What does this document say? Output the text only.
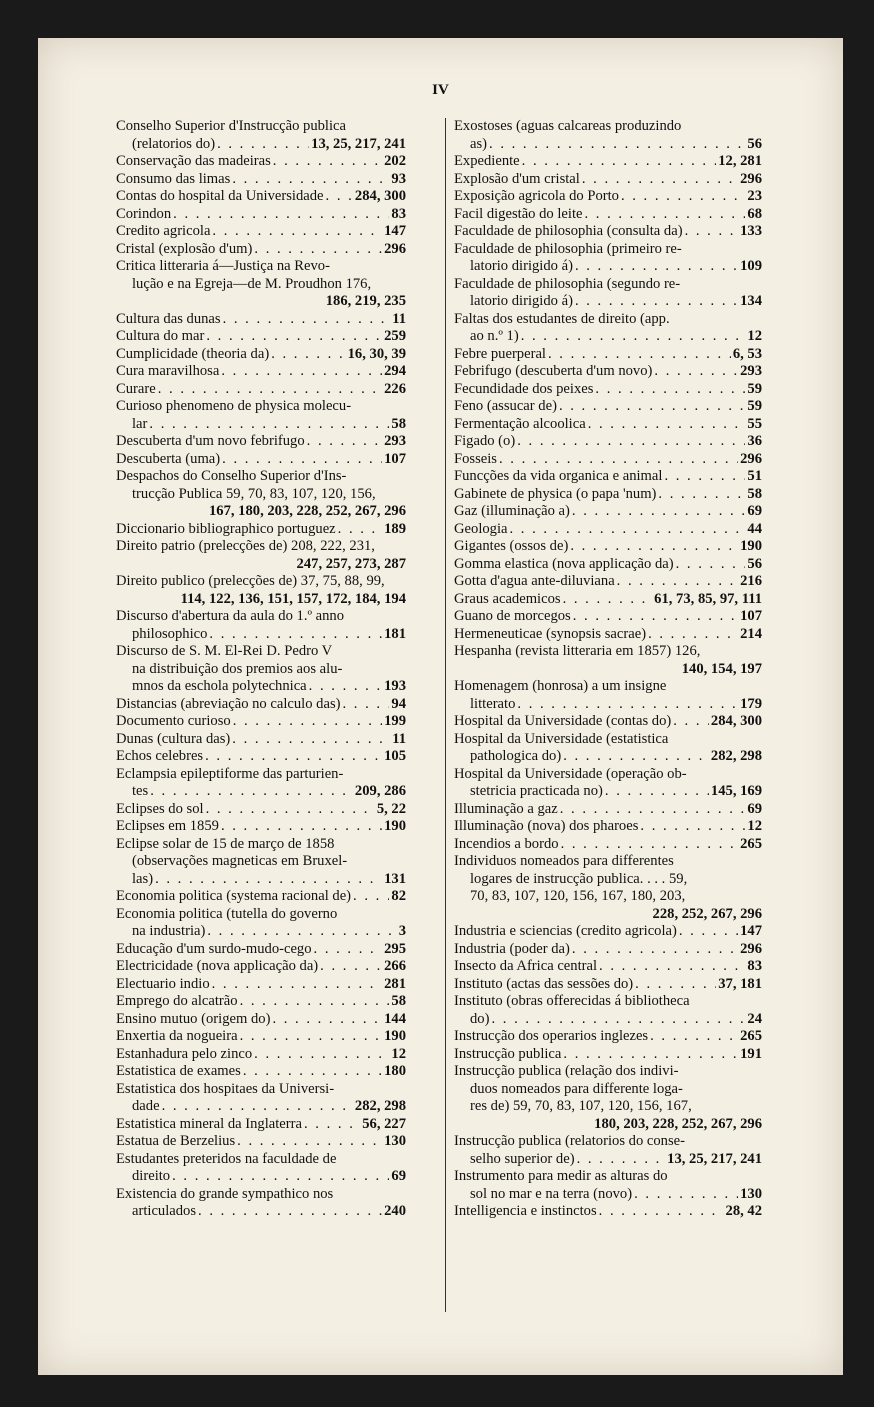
IV
Conselho Superior d'Instrucção publica
(relatorios do) . . .	13, 25, 217, 241
Conservação das madeiras . . .	202
Consumo das limas . . .	93
Contas do hospital da Universidade . . . 284, 300
Corindon . . .	83
Credito agricola . . .	147
Cristal (explosão d'um) . . .	296
Critica litteraria á—Justiça na Revo-
lução e na Egreja—de M. Proudhon 176,
186, 219, 235
Cultura das dunas . . .	11
Cultura do mar . . .	259
Cumplicidade (theoria da) . . .	16, 30, 39
Cura maravilhosa . . .	294
Curare . . .	226
Curioso phenomeno de physica molecu-
lar . . .	58
Descuberta d'um novo febrifugo . . .	293
Descuberta (uma) . . .	107
Despachos do Conselho Superior d'Ins-
trucção Publica 59, 70, 83, 107, 120, 156,
167, 180, 203, 228, 252, 267, 296
Diccionario bibliographico portuguez . . .	189
Direito patrio (prelecções de) 208, 222, 231,
247, 257, 273, 287
Direito publico (prelecções de) 37, 75, 88, 99,
114, 122, 136, 151, 157, 172, 184, 194
Discurso d'abertura da aula do 1.º anno
philosophico . . .	181
Discurso de S. M. El-Rei D. Pedro V
na distribuição dos premios aos alu-
mnos da eschola polytechnica . . .	193
Distancias (abreviação no calculo das) . . .	94
Documento curioso . . .	199
Dunas (cultura das) . . .	11
Echos celebres . . .	105
Eclampsia epileptiforme das parturien-
tes . . .	209, 286
Eclipses do sol . . .	5, 22
Eclipses em 1859 . . .	190
Eclipse solar de 15 de março de 1858
(observações magneticas em Bruxel-
las) . . .	131
Economia politica (systema racional de) . . .	82
Economia politica (tutella do governo
na industria) . . .	3
Educação d'um surdo-mudo-cego . . .	295
Electricidade (nova applicação da) . . .	266
Electuario indio . . .	281
Emprego do alcatrão . . .	58
Ensino mutuo (origem do) . . .	144
Enxertia da nogueira . . .	190
Estanhadura pelo zinco . . .	12
Estatistica de exames . . .	180
Estatistica dos hospitaes da Universi-
dade . . .	282, 298
Estatistica mineral da Inglaterra . . .	56, 227
Estatua de Berzelius . . .	130
Estudantes preteridos na faculdade de
direito . . .	69
Existencia do grande sympathico nos
articulados . . .	240
Exostoses (aguas calcareas produzindo
as) . . .	56
Expediente . . .	12, 281
Explosão d'um cristal . . .	296
Exposição agricola do Porto . . .	23
Facil digestão do leite . . .	68
Faculdade de philosophia (consulta da) . . .	133
Faculdade de philosophia (primeiro re-
latorio dirigido á) . . .	109
Faculdade de philosophia (segundo re-
latorio dirigido á) . . .	134
Faltas dos estudantes de direito (app.
ao n.º 1) . . .	12
Febre puerperal . . .	6, 53
Febrifugo (descuberta d'um novo) . . .	293
Fecundidade dos peixes . . .	59
Feno (assucar de) . . .	59
Fermentação alcoolica . . .	55
Figado (o) . . .	36
Fosseis . . .	296
Funcções da vida organica e animal . . .	51
Gabinete de physica (o papa 'num) . . .	58
Gaz (illuminação a) . . .	69
Geologia . . .	44
Gigantes (ossos de) . . .	190
Gomma elastica (nova applicação da) . . .	56
Gotta d'agua ante-diluviana . . .	216
Graus academicos . . .	61, 73, 85, 97, 111
Guano de morcegos . . .	107
Hermeneuticae (synopsis sacrae) . . .	214
Hespanha (revista litteraria em 1857) 126,
140, 154, 197
Homenagem (honrosa) a um insigne
litterato . . .	179
Hospital da Universidade (contas do) . . .	284, 300
Hospital da Universidade (estatistica
pathologica do) . . .	282, 298
Hospital da Universidade (operação ob-
stetricia practicada no) . . .	145, 169
Illuminação a gaz . . .	69
Illuminação (nova) dos pharoes . . .	12
Incendios a bordo . . .	265
Individuos nomeados para differentes
logares de instrucção publica. . . . 59,
70, 83, 107, 120, 156, 167, 180, 203,
228, 252, 267, 296
Industria e sciencias (credito agricola) . . .	147
Industria (poder da) . . .	296
Insecto da Africa central . . .	83
Instituto (actas das sessões do) . . .	37, 181
Instituto (obras offerecidas á bibliotheca
do) . . .	24
Instrucção dos operarios inglezes . . .	265
Instrucção publica . . .	191
Instrucção publica (relação dos indivi-
duos nomeados para differente loga-
res de) 59, 70, 83, 107, 120, 156, 167,
180, 203, 228, 252, 267, 296
Instrucção publica (relatorios do conse-
selho superior de) . . .	13, 25, 217, 241
Instrumento para medir as alturas do
sol no mar e na terra (novo) . . .	130
Intelligencia e instinctos . . .	28, 42
